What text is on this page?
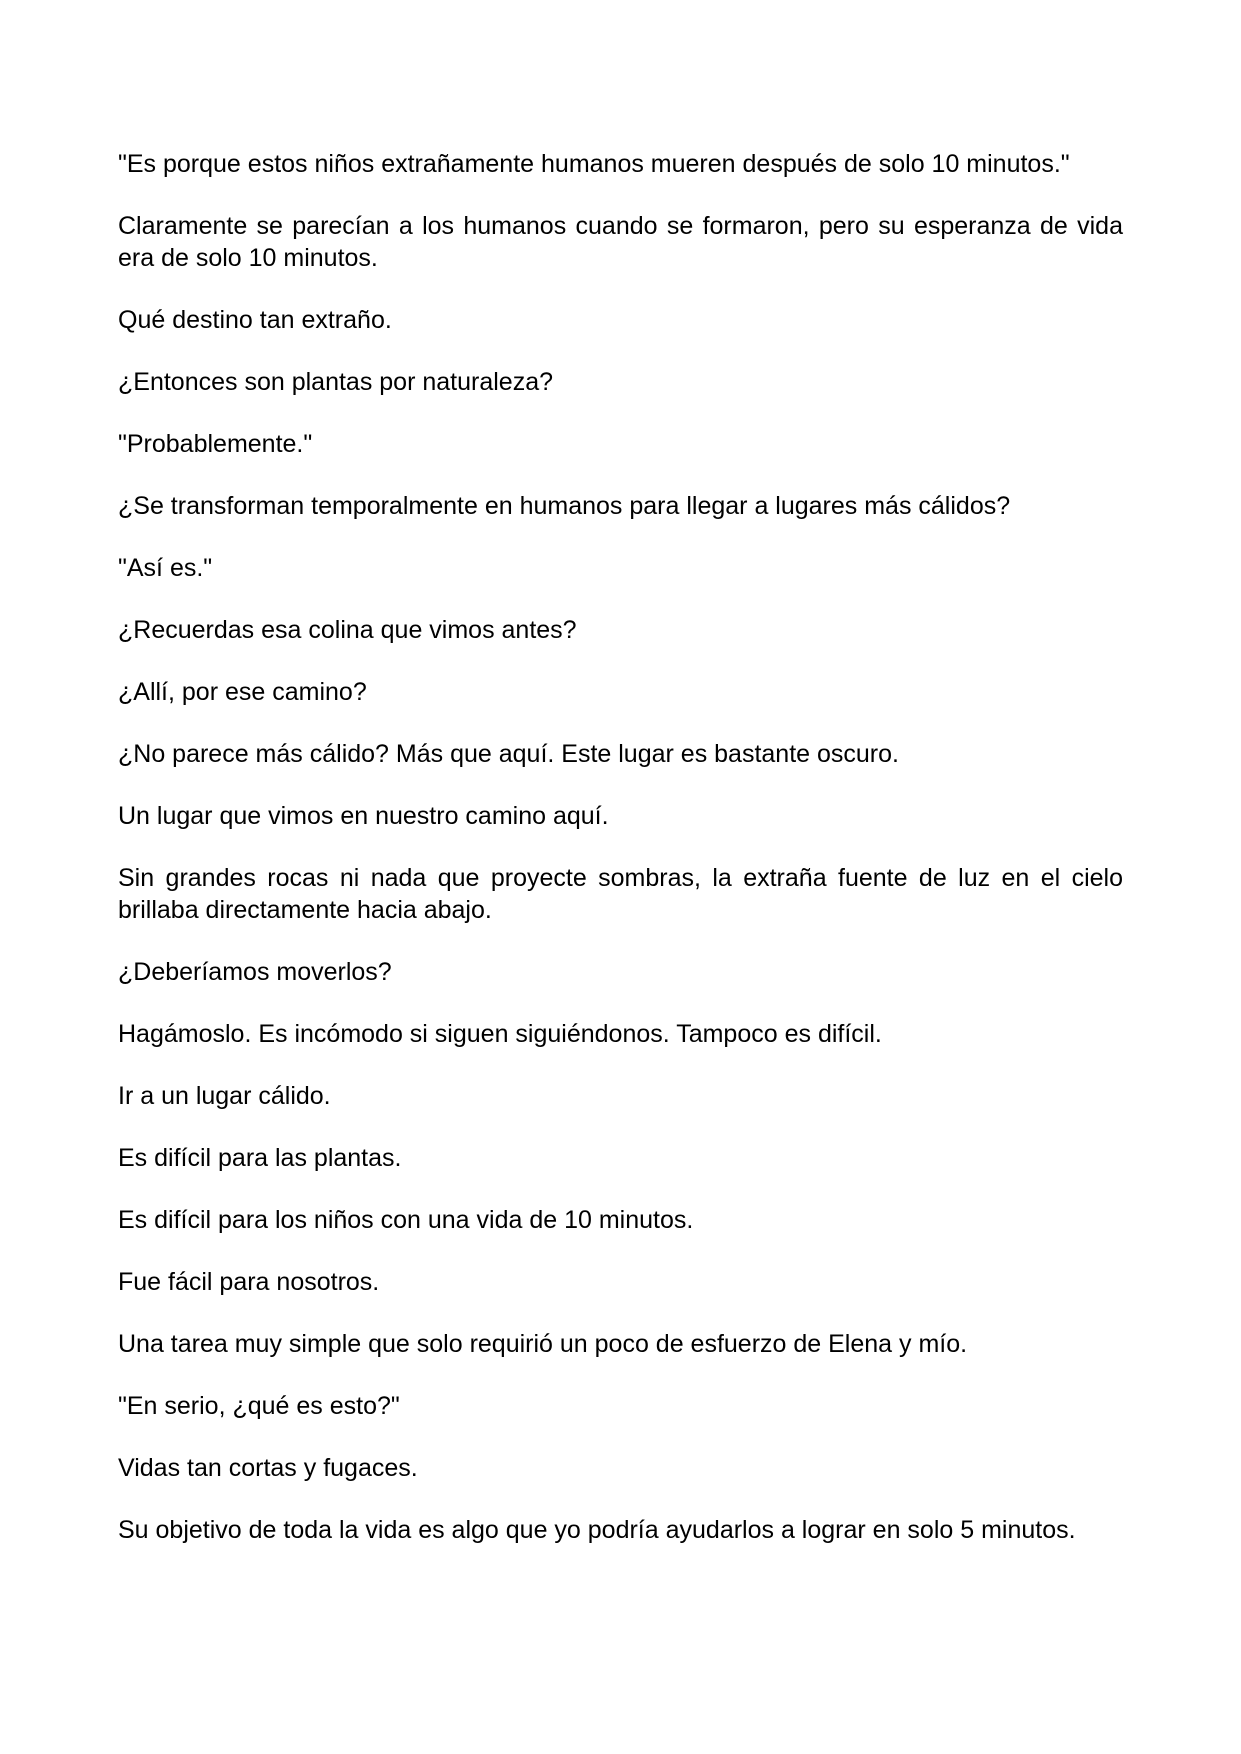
"Es porque estos niños extrañamente humanos mueren después de solo 10 minutos."

Claramente se parecían a los humanos cuando se formaron, pero su esperanza de vida era de solo 10 minutos.

Qué destino tan extraño.

¿Entonces son plantas por naturaleza?

"Probablemente."

¿Se transforman temporalmente en humanos para llegar a lugares más cálidos?

"Así es."

¿Recuerdas esa colina que vimos antes?

¿Allí, por ese camino?

¿No parece más cálido? Más que aquí. Este lugar es bastante oscuro.

Un lugar que vimos en nuestro camino aquí.

Sin grandes rocas ni nada que proyecte sombras, la extraña fuente de luz en el cielo brillaba directamente hacia abajo.

¿Deberíamos moverlos?

Hagámoslo. Es incómodo si siguen siguiéndonos. Tampoco es difícil.

Ir a un lugar cálido.

Es difícil para las plantas.

Es difícil para los niños con una vida de 10 minutos.

Fue fácil para nosotros.

Una tarea muy simple que solo requirió un poco de esfuerzo de Elena y mío.

"En serio, ¿qué es esto?"

Vidas tan cortas y fugaces.

Su objetivo de toda la vida es algo que yo podría ayudarlos a lograr en solo 5 minutos.
